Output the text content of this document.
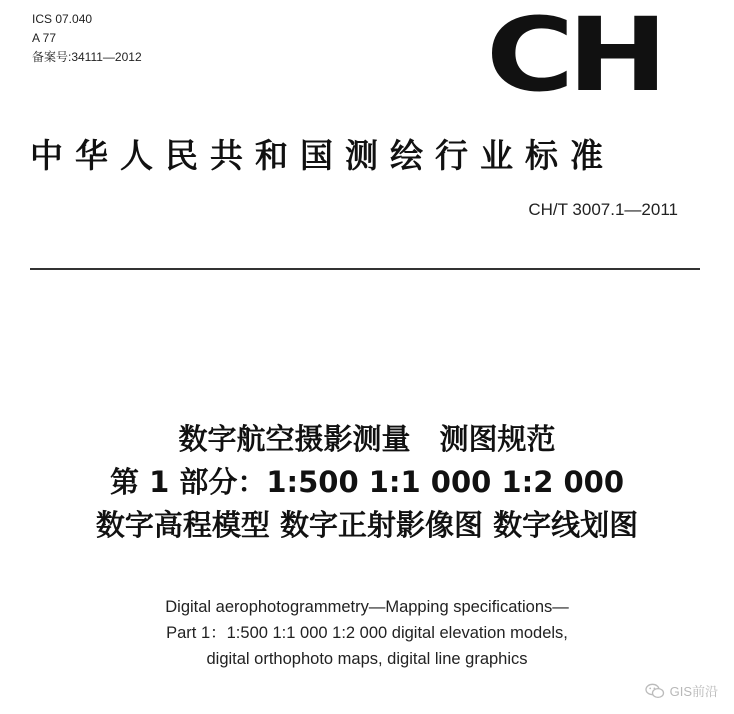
ICS 07.040
A 77
备案号:34111—2012	CH
中华人民共和国测绘行业标准
CH/T 3007.1—2011
数字航空摄影测量　测图规范
第 1 部分：1:500 1:1 000 1:2 000
数字高程模型 数字正射影像图 数字线划图
Digital aerophotogrammetry—Mapping specifications—
Part 1：1:500 1:1 000 1:2 000 digital elevation models,
digital orthophoto maps, digital line graphics
GIS前沿
